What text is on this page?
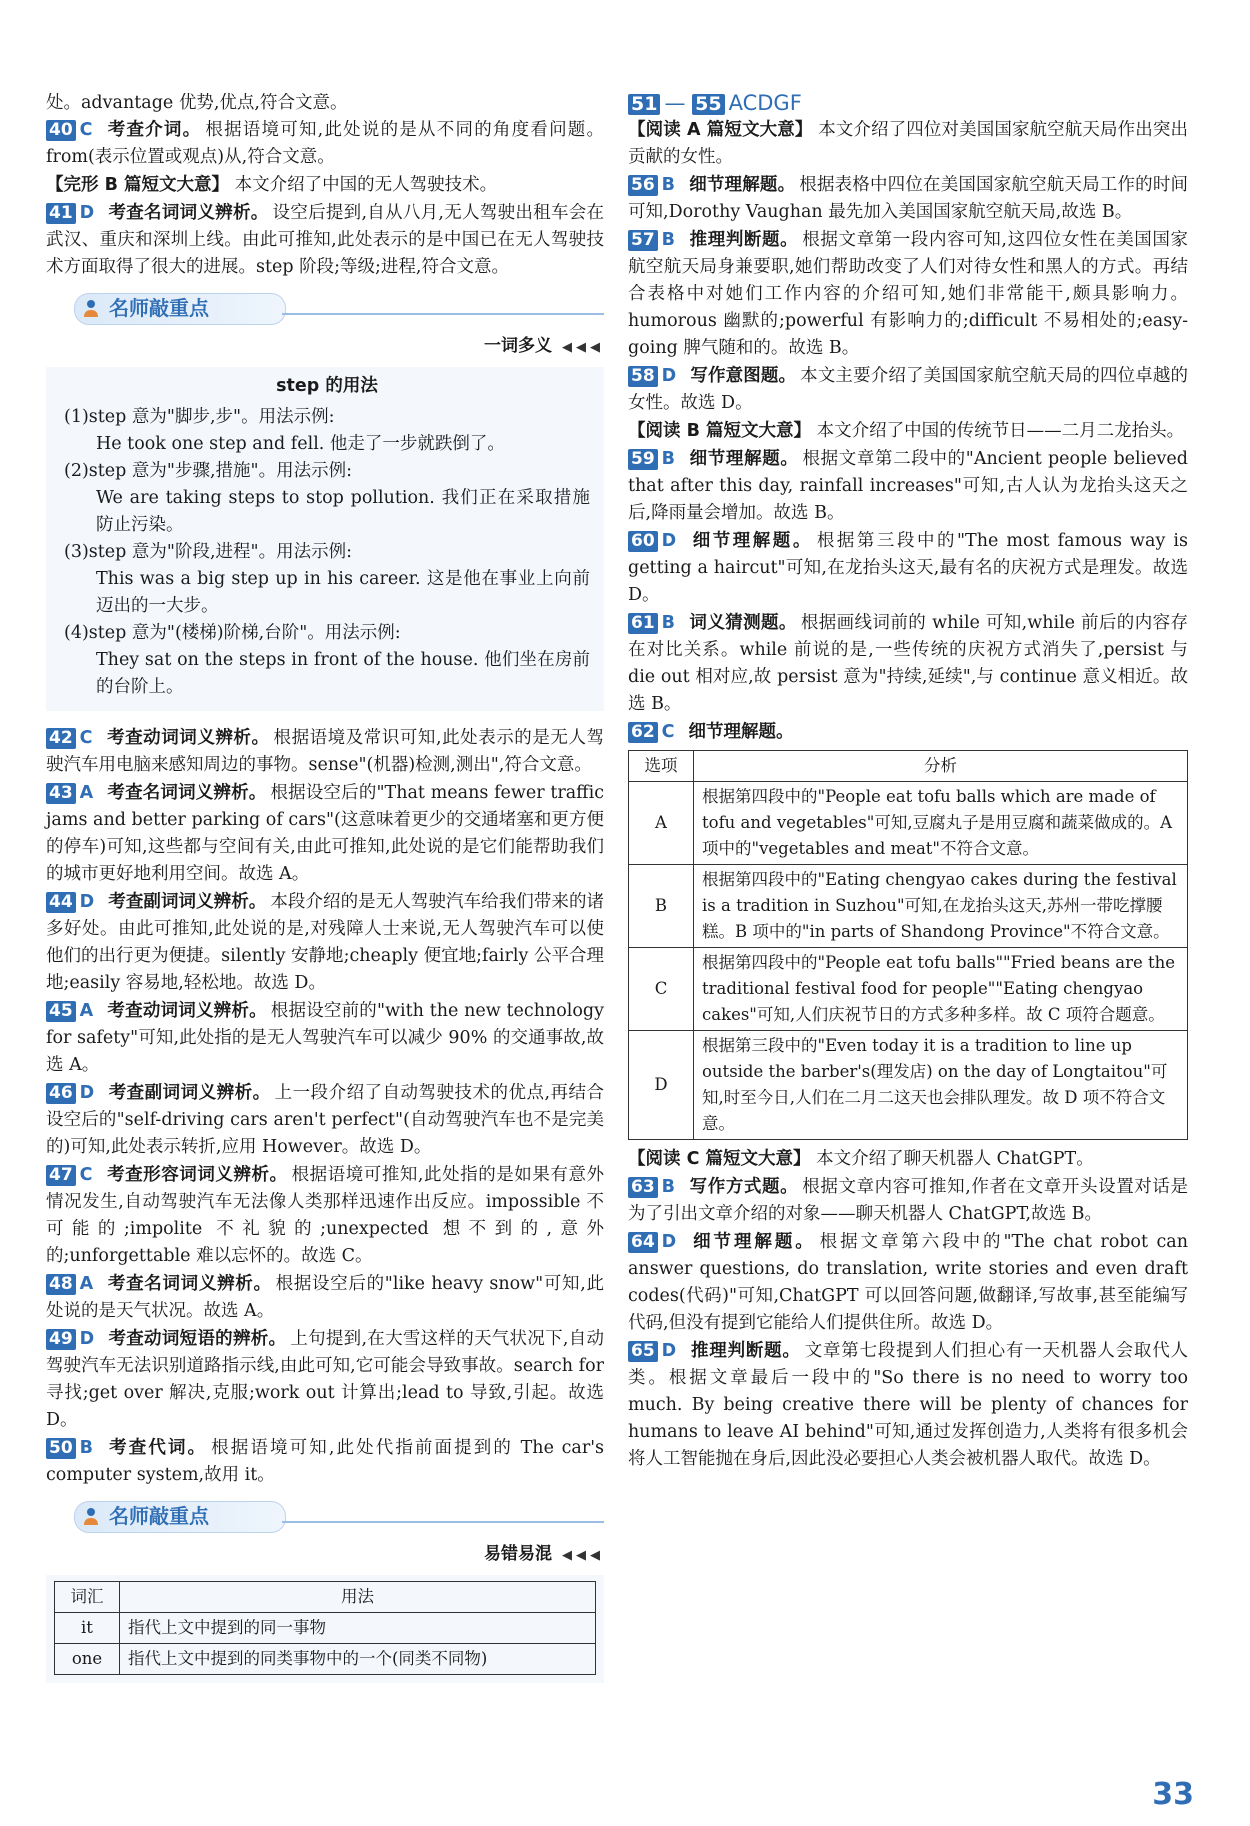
处。advantage 优势,优点,符合文意。

40 C 考查介词。 根据语境可知,此处说的是从不同的角度看问题。from(表示位置或观点)从,符合文意。

【完形 B 篇短文大意】 本文介绍了中国的无人驾驶技术。

41 D 考查名词词义辨析。 设空后提到,自从八月,无人驾驶出租车会在武汉、重庆和深圳上线。由此可推知,此处表示的是中国已在无人驾驶技术方面取得了很大的进展。step 阶段;等级;进程,符合文意。

名师敲重点
一词多义 ◀◀◀
step 的用法

(1)step 意为"脚步,步"。用法示例:

He took one step and fell. 他走了一步就跌倒了。

(2)step 意为"步骤,措施"。用法示例:

We are taking steps to stop pollution. 我们正在采取措施防止污染。

(3)step 意为"阶段,进程"。用法示例:

This was a big step up in his career. 这是他在事业上向前迈出的一大步。

(4)step 意为"(楼梯)阶梯,台阶"。用法示例:

They sat on the steps in front of the house. 他们坐在房前的台阶上。

42 C 考查动词词义辨析。 根据语境及常识可知,此处表示的是无人驾驶汽车用电脑来感知周边的事物。sense"(机器)检测,测出",符合文意。

43 A 考查名词词义辨析。 根据设空后的"That means fewer traffic jams and better parking of cars"(这意味着更少的交通堵塞和更方便的停车)可知,这些都与空间有关,由此可推知,此处说的是它们能帮助我们的城市更好地利用空间。故选 A。

44 D 考查副词词义辨析。 本段介绍的是无人驾驶汽车给我们带来的诸多好处。由此可推知,此处说的是,对残障人士来说,无人驾驶汽车可以使他们的出行更为便捷。silently 安静地;cheaply 便宜地;fairly 公平合理地;easily 容易地,轻松地。故选 D。

45 A 考查动词词义辨析。 根据设空前的"with the new technology for safety"可知,此处指的是无人驾驶汽车可以减少 90% 的交通事故,故选 A。

46 D 考查副词词义辨析。 上一段介绍了自动驾驶技术的优点,再结合设空后的"self-driving cars aren't perfect"(自动驾驶汽车也不是完美的)可知,此处表示转折,应用 However。故选 D。

47 C 考查形容词词义辨析。 根据语境可推知,此处指的是如果有意外情况发生,自动驾驶汽车无法像人类那样迅速作出反应。impossible 不可能的;impolite 不礼貌的;unexpected 想不到的,意外的;unforgettable 难以忘怀的。故选 C。

48 A 考查名词词义辨析。 根据设空后的"like heavy snow"可知,此处说的是天气状况。故选 A。

49 D 考查动词短语的辨析。 上句提到,在大雪这样的天气状况下,自动驾驶汽车无法识别道路指示线,由此可知,它可能会导致事故。search for 寻找;get over 解决,克服;work out 计算出;lead to 导致,引起。故选 D。

50 B 考查代词。 根据语境可知,此处代指前面提到的 The car's computer system,故用 it。

名师敲重点
易错易混 ◀◀◀
词汇	用法
it	指代上文中提到的同一事物
one	指代上文中提到的同类事物中的一个(同类不同物)

51 — 55 ACDGF

【阅读 A 篇短文大意】 本文介绍了四位对美国国家航空航天局作出突出贡献的女性。

56 B 细节理解题。 根据表格中四位在美国国家航空航天局工作的时间可知,Dorothy Vaughan 最先加入美国国家航空航天局,故选 B。

57 B 推理判断题。 根据文章第一段内容可知,这四位女性在美国国家航空航天局身兼要职,她们帮助改变了人们对待女性和黑人的方式。再结合表格中对她们工作内容的介绍可知,她们非常能干,颇具影响力。humorous 幽默的;powerful 有影响力的;difficult 不易相处的;easy-going 脾气随和的。故选 B。

58 D 写作意图题。 本文主要介绍了美国国家航空航天局的四位卓越的女性。故选 D。

【阅读 B 篇短文大意】 本文介绍了中国的传统节日——二月二龙抬头。

59 B 细节理解题。 根据文章第二段中的"Ancient people believed that after this day, rainfall increases"可知,古人认为龙抬头这天之后,降雨量会增加。故选 B。

60 D 细节理解题。 根据第三段中的"The most famous way is getting a haircut"可知,在龙抬头这天,最有名的庆祝方式是理发。故选 D。

61 B 词义猜测题。 根据画线词前的 while 可知,while 前后的内容存在对比关系。while 前说的是,一些传统的庆祝方式消失了,persist 与 die out 相对应,故 persist 意为"持续,延续",与 continue 意义相近。故选 B。

62 C 细节理解题。

选项	分析
A	根据第四段中的"People eat tofu balls which are made of tofu and vegetables"可知,豆腐丸子是用豆腐和蔬菜做成的。A 项中的"vegetables and meat"不符合文意。
B	根据第四段中的"Eating chengyao cakes during the festival is a tradition in Suzhou"可知,在龙抬头这天,苏州一带吃撑腰糕。B 项中的"in parts of Shandong Province"不符合文意。
C	根据第四段中的"People eat tofu balls""Fried beans are the traditional festival food for people""Eating chengyao cakes"可知,人们庆祝节日的方式多种多样。故 C 项符合题意。
D	根据第三段中的"Even today it is a tradition to line up outside the barber's(理发店) on the day of Longtaitou"可知,时至今日,人们在二月二这天也会排队理发。故 D 项不符合文意。

【阅读 C 篇短文大意】 本文介绍了聊天机器人 ChatGPT。

63 B 写作方式题。 根据文章内容可推知,作者在文章开头设置对话是为了引出文章介绍的对象——聊天机器人 ChatGPT,故选 B。

64 D 细节理解题。 根据文章第六段中的"The chat robot can answer questions, do translation, write stories and even draft codes(代码)"可知,ChatGPT 可以回答问题,做翻译,写故事,甚至能编写代码,但没有提到它能给人们提供住所。故选 D。

65 D 推理判断题。 文章第七段提到人们担心有一天机器人会取代人类。根据文章最后一段中的"So there is no need to worry too much. By being creative there will be plenty of chances for humans to leave AI behind"可知,通过发挥创造力,人类将有很多机会将人工智能抛在身后,因此没必要担心人类会被机器人取代。故选 D。

33
